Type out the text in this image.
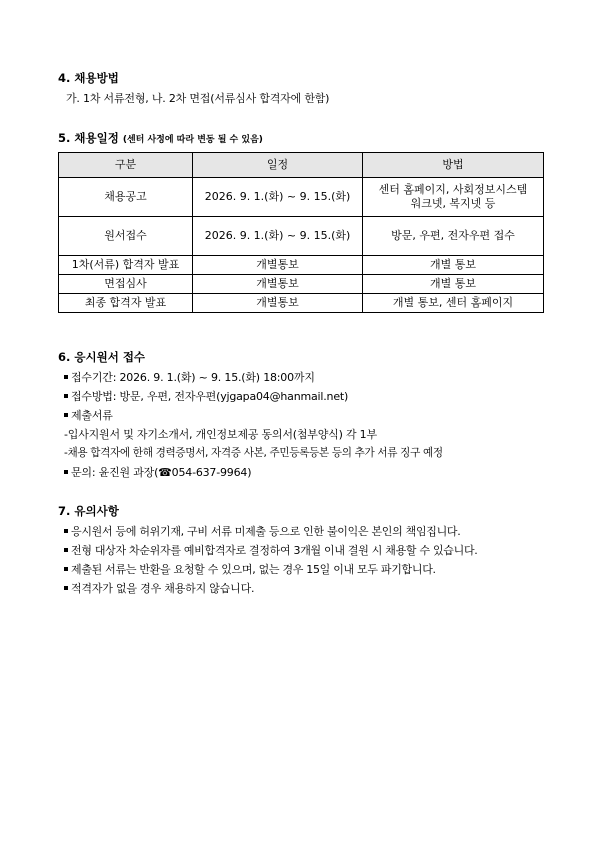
4. 채용방법
가. 1차 서류전형, 나. 2차 면접(서류심사 합격자에 한함)
5. 채용일정 (센터 사정에 따라 변동 될 수 있음)
구분	일정	방법
채용공고	2026. 9. 1.(화) ~ 9. 15.(화)	센터 홈페이지, 사회정보시스템
워크넷, 복지넷 등

원서접수	2026. 9. 1.(화) ~ 9. 15.(화)	방문, 우편, 전자우편 접수
1차(서류) 합격자 발표	개별통보	개별 통보
면접심사	개별통보	개별 통보
최종 합격자 발표	개별통보	개별 통보, 센터 홈페이지
6. 응시원서 접수
접수기간: 2026. 9. 1.(화) ~ 9. 15.(화) 18:00까지
접수방법: 방문, 우편, 전자우편(yjgapa04@hanmail.net)
제출서류
-입사지원서 및 자기소개서, 개인정보제공 동의서(첨부양식) 각 1부
-채용 합격자에 한해 경력증명서, 자격증 사본, 주민등록등본 등의 추가 서류 징구 예정
문의: 윤진원 과장(☎054-637-9964)
7. 유의사항
응시원서 등에 허위기재, 구비 서류 미제출 등으로 인한 불이익은 본인의 책임집니다.
전형 대상자 차순위자를 예비합격자로 결정하여 3개월 이내 결원 시 채용할 수 있습니다.
제출된 서류는 반환을 요청할 수 있으며, 없는 경우 15일 이내 모두 파기합니다.
적격자가 없을 경우 채용하지 않습니다.
